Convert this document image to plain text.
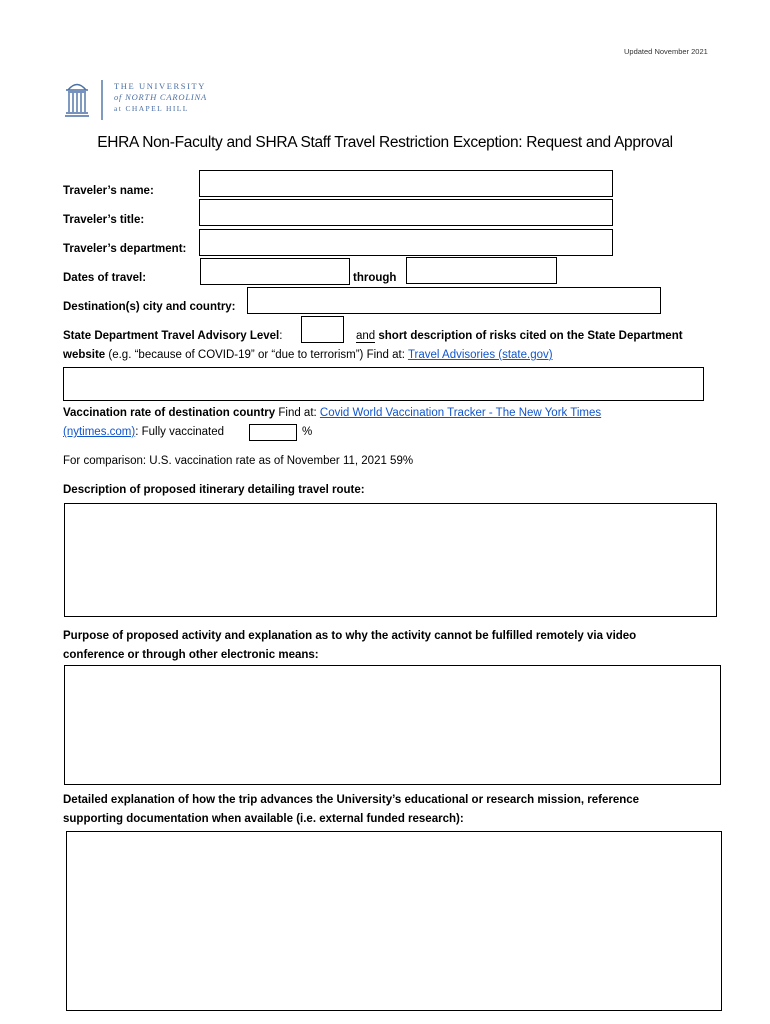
Updated November 2021
THE UNIVERSITY
of NORTH CAROLINA
at CHAPEL HILL
EHRA Non-Faculty and SHRA Staff Travel Restriction Exception: Request and Approval
Traveler’s name:
Traveler’s title:
Traveler’s department:
Dates of travel:	through
Destination(s) city and country:
State Department Travel Advisory Level:	and short description of risks cited on the State Department
website (e.g. “because of COVID-19” or “due to terrorism”) Find at: Travel Advisories (state.gov)
Vaccination rate of destination country Find at: Covid World Vaccination Tracker - The New York Times
(nytimes.com): Fully vaccinated	%
For comparison: U.S. vaccination rate as of November 11, 2021 59%
Description of proposed itinerary detailing travel route:
Purpose of proposed activity and explanation as to why the activity cannot be fulfilled remotely via video
conference or through other electronic means:
Detailed explanation of how the trip advances the University’s educational or research mission, reference
supporting documentation when available (i.e. external funded research):
